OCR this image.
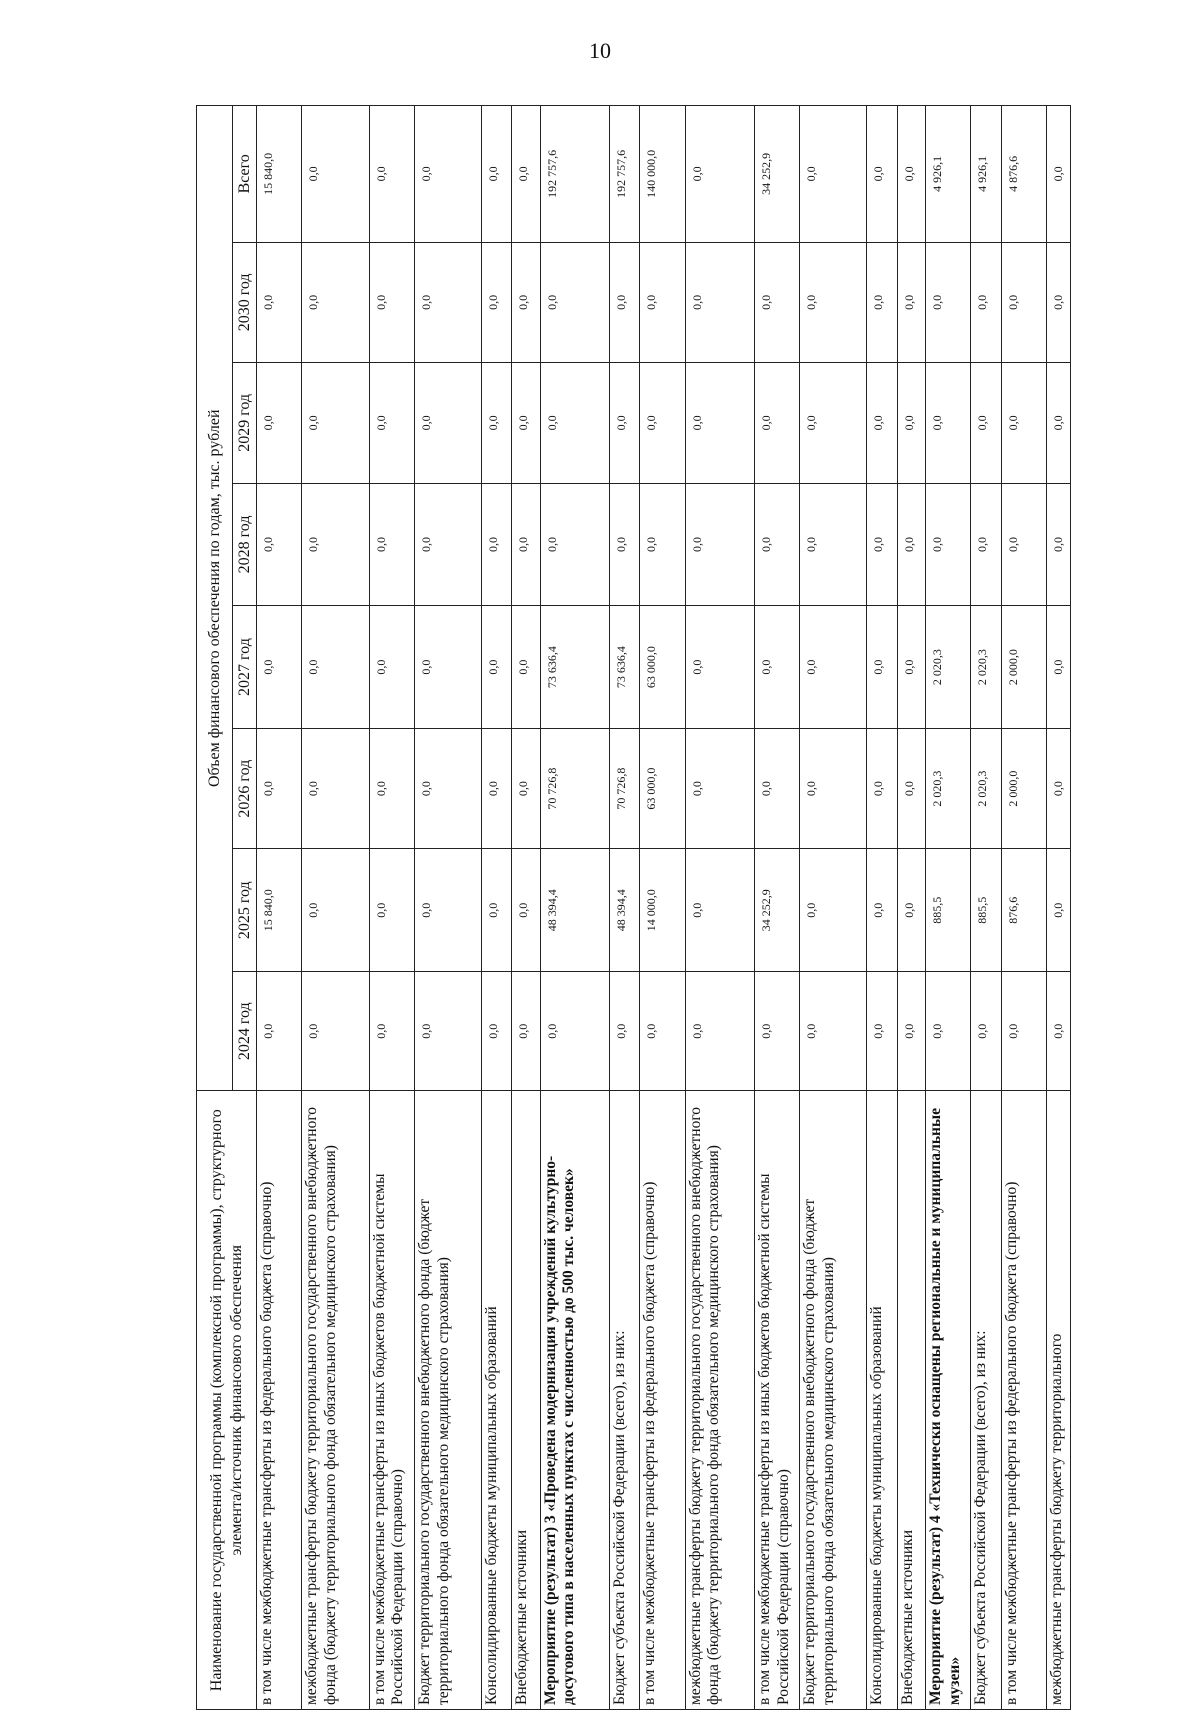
10
Наименование государственной программы (комплексной программы), структурного элемента/источник финансового обеспечения	Объем финансового обеспечения по годам, тыс. рублей							
	2024 год	2025 год	2026 год	2027 год	2028 год	2029 год	2030 год	Всего
в том числе межбюджетные трансферты из федерального бюджета (справочно)	0,0	15 840,0	0,0	0,0	0,0	0,0	0,0	15 840,0
межбюджетные трансферты бюджету территориального государственного внебюджетного фонда (бюджету территориального фонда обязательного медицинского страхования)	0,0	0,0	0,0	0,0	0,0	0,0	0,0	0,0
в том числе межбюджетные трансферты из иных бюджетов бюджетной системы Российской Федерации (справочно)	0,0	0,0	0,0	0,0	0,0	0,0	0,0	0,0
Бюджет территориального государственного внебюджетного фонда (бюджет территориального фонда обязательного медицинского страхования)	0,0	0,0	0,0	0,0	0,0	0,0	0,0	0,0
Консолидированные бюджеты муниципальных образований	0,0	0,0	0,0	0,0	0,0	0,0	0,0	0,0
Внебюджетные источники	0,0	0,0	0,0	0,0	0,0	0,0	0,0	0,0
Мероприятие (результат) 3 «Проведена модернизация учреждений культурно-досугового типа в населенных пунктах с численностью до 500 тыс. человек»	0,0	48 394,4	70 726,8	73 636,4	0,0	0,0	0,0	192 757,6
Бюджет субъекта Российской Федерации (всего), из них:	0,0	48 394,4	70 726,8	73 636,4	0,0	0,0	0,0	192 757,6
в том числе межбюджетные трансферты из федерального бюджета (справочно)	0,0	14 000,0	63 000,0	63 000,0	0,0	0,0	0,0	140 000,0
межбюджетные трансферты бюджету территориального государственного внебюджетного фонда (бюджету территориального фонда обязательного медицинского страхования)	0,0	0,0	0,0	0,0	0,0	0,0	0,0	0,0
в том числе межбюджетные трансферты из иных бюджетов бюджетной системы Российской Федерации (справочно)	0,0	34 252,9	0,0	0,0	0,0	0,0	0,0	34 252,9
Бюджет территориального государственного внебюджетного фонда (бюджет территориального фонда обязательного медицинского страхования)	0,0	0,0	0,0	0,0	0,0	0,0	0,0	0,0
Консолидированные бюджеты муниципальных образований	0,0	0,0	0,0	0,0	0,0	0,0	0,0	0,0
Внебюджетные источники	0,0	0,0	0,0	0,0	0,0	0,0	0,0	0,0
Мероприятие (результат) 4 «Технически оснащены региональные и муниципальные музеи»	0,0	885,5	2 020,3	2 020,3	0,0	0,0	0,0	4 926,1
Бюджет субъекта Российской Федерации (всего), из них:	0,0	885,5	2 020,3	2 020,3	0,0	0,0	0,0	4 926,1
в том числе межбюджетные трансферты из федерального бюджета (справочно)	0,0	876,6	2 000,0	2 000,0	0,0	0,0	0,0	4 876,6
межбюджетные трансферты бюджету территориального	0,0	0,0	0,0	0,0	0,0	0,0	0,0	0,0
